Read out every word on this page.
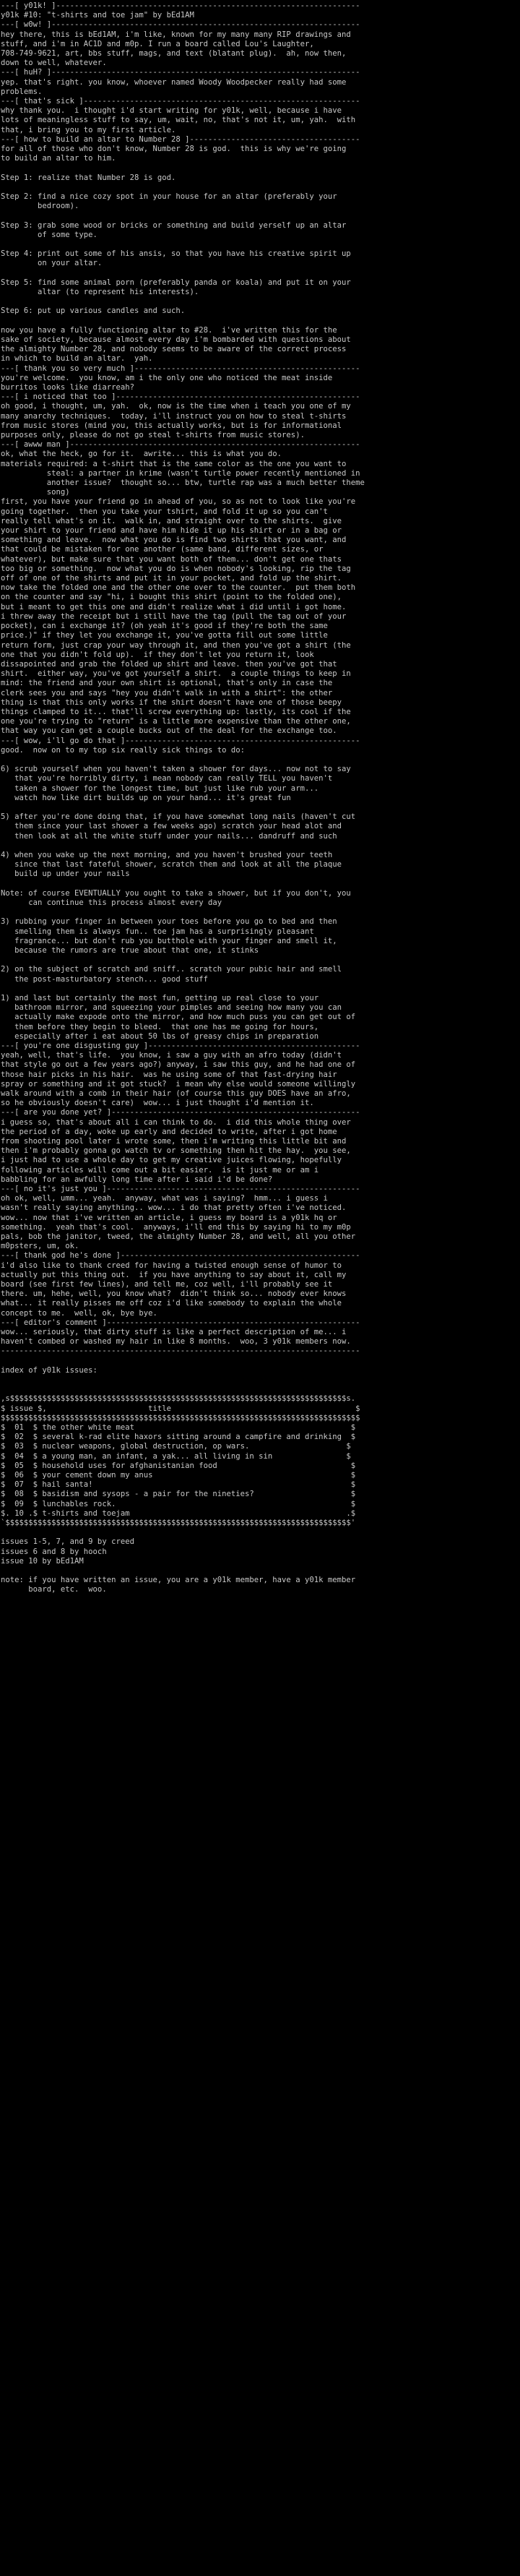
---[ y01k! ]------------------------------------------------------------------
y01k #10: "t-shirts and toe jam" by bEd1AM
---[ w0w! ]-------------------------------------------------------------------
hey there, this is bEd1AM, i'm like, known for my many many RIP drawings and
stuff, and i'm in AC1D and m0p. I run a board called Lou's Laughter,
708-749-9621, art, bbs stuff, mags, and text (blatant plug).  ah, now then,
down to well, whatever.
---[ huH? ]-------------------------------------------------------------------
yep. that's right. you know, whoever named Woody Woodpecker really had some
problems.
---[ that's sick ]------------------------------------------------------------
why thank you.  i thought i'd start writing for y01k, well, because i have
lots of meaningless stuff to say, um, wait, no, that's not it, um, yah.  with
that, i bring you to my first article.
---[ how to build an altar to Number 28 ]-------------------------------------
for all of those who don't know, Number 28 is god.  this is why we're going
to build an altar to him.
Step 1: realize that Number 28 is god.
Step 2: find a nice cozy spot in your house for an altar (preferably your
bedroom).
Step 3: grab some wood or bricks or something and build yerself up an altar
of some type.
Step 4: print out some of his ansis, so that you have his creative spirit up
on your altar.
Step 5: find some animal porn (preferably panda or koala) and put it on your
altar (to represent his interests).
Step 6: put up various candles and such.
now you have a fully functioning altar to #28.  i've written this for the
sake of society, because almost every day i'm bombarded with questions about
the almighty Number 28, and nobody seems to be aware of the correct process
in which to build an altar.  yah.
---[ thank you so very much ]-------------------------------------------------
you're welcome.  you know, am i the only one who noticed the meat inside
burritos looks like diarreah?
---[ i noticed that too ]-----------------------------------------------------
oh good, i thought, um, yah.  ok, now is the time when i teach you one of my
many anarchy techniques.  today, i'll instruct you on how to steal t-shirts
from music stores (mind you, this actually works, but is for informational
purposes only, please do not go steal t-shirts from music stores).
---[ awww man ]---------------------------------------------------------------
ok, what the heck, go for it.  awrite... this is what you do.
materials required: a t-shirt that is the same color as the one you want to
steal: a partner in krime (wasn't turtle power recently mentioned in
another issue?  thought so... btw, turtle rap was a much better theme
song)
first, you have your friend go in ahead of you, so as not to look like you're
going together.  then you take your tshirt, and fold it up so you can't
really tell what's on it.  walk in, and straight over to the shirts.  give
your shirt to your friend and have him hide it up his shirt or in a bag or
something and leave.  now what you do is find two shirts that you want, and
that could be mistaken for one another (same band, different sizes, or
whatever), but make sure that you want both of them... don't get one thats
too big or something.  now what you do is when nobody's looking, rip the tag
off of one of the shirts and put it in your pocket, and fold up the shirt.
now take the folded one and the other one over to the counter.  put them both
on the counter and say "hi, i bought this shirt (point to the folded one),
but i meant to get this one and didn't realize what i did until i got home.
i threw away the receipt but i still have the tag (pull the tag out of your
pocket), can i exchange it? (oh yeah it's good if they're both the same
price.)" if they let you exchange it, you've gotta fill out some little
return form, just crap your way through it, and then you've got a shirt (the
one that you didn't fold up).  if they don't let you return it, look
dissapointed and grab the folded up shirt and leave. then you've got that
shirt.  either way, you've got yourself a shirt.  a couple things to keep in
mind: the friend and your own shirt is optional, that's only in case the
clerk sees you and says "hey you didn't walk in with a shirt": the other
thing is that this only works if the shirt doesn't have one of those beepy
things clamped to it... that'll screw everything up: lastly, its cool if the
one you're trying to "return" is a little more expensive than the other one,
that way you can get a couple bucks out of the deal for the exchange too.
---[ wow, i'll go do that ]---------------------------------------------------
good.  now on to my top six really sick things to do:
6) scrub yourself when you haven't taken a shower for days... now not to say
that you're horribly dirty, i mean nobody can really TELL you haven't
taken a shower for the longest time, but just like rub your arm...
watch how like dirt builds up on your hand... it's great fun
5) after you're done doing that, if you have somewhat long nails (haven't cut
them since your last shower a few weeks ago) scratch your head alot and
then look at all the white stuff under your nails... dandruff and such
4) when you wake up the next morning, and you haven't brushed your teeth
since that last fateful shower, scratch them and look at all the plaque
build up under your nails
Note: of course EVENTUALLY you ought to take a shower, but if you don't, you
can continue this process almost every day
3) rubbing your finger in between your toes before you go to bed and then
smelling them is always fun.. toe jam has a surprisingly pleasant
fragrance... but don't rub you butthole with your finger and smell it,
because the rumors are true about that one, it stinks
2) on the subject of scratch and sniff.. scratch your pubic hair and smell
the post-masturbatory stench... good stuff
1) and last but certainly the most fun, getting up real close to your
bathroom mirror, and squeezing your pimples and seeing how many you can
actually make expode onto the mirror, and how much puss you can get out of
them before they begin to bleed.  that one has me going for hours,
especially after i eat about 50 lbs of greasy chips in preparation
---[ you're one disgusting guy ]----------------------------------------------
yeah, well, that's life.  you know, i saw a guy with an afro today (didn't
that style go out a few years ago?) anyway, i saw this guy, and he had one of
those hair picks in his hair.  was he using some of that fast-drying hair
spray or something and it got stuck?  i mean why else would someone willingly
walk around with a comb in their hair (of course this guy DOES have an afro,
so he obviously doesn't care)  wow... i just thought i'd mention it.
---[ are you done yet? ]------------------------------------------------------
i guess so, that's about all i can think to do.  i did this whole thing over
the period of a day, woke up early and decided to write, after i got home
from shooting pool later i wrote some, then i'm writing this little bit and
then i'm probably gonna go watch tv or something then hit the hay.  you see,
i just had to use a whole day to get my creative juices flowing, hopefully
following articles will come out a bit easier.  is it just me or am i
babbling for an awfully long time after i said i'd be done?
---[ no it's just you ]-------------------------------------------------------
oh ok, well, umm... yeah.  anyway, what was i saying?  hmm... i guess i
wasn't really saying anything.. wow... i do that pretty often i've noticed.
wow... now that i've written an article, i guess my board is a y01k hq or
something.  yeah that's cool.  anyways, i'll end this by saying hi to my m0p
pals, bob the janitor, tweed, the almighty Number 28, and well, all you other
m0psters, um, ok.
---[ thank god he's done ]----------------------------------------------------
i'd also like to thank creed for having a twisted enough sense of humor to
actually put this thing out.  if you have anything to say about it, call my
board (see first few lines), and tell me, coz well, i'll probably see it
there. um, hehe, well, you know what?  didn't think so... nobody ever knows
what... it really pisses me off coz i'd like somebody to explain the whole
concept to me.  well, ok, bye bye.
---[ editor's comment ]-------------------------------------------------------
wow... seriously, that dirty stuff is like a perfect description of me... i
haven't combed or washed my hair in like 8 months.  woo, 3 y01k members now.
------------------------------------------------------------------------------
index of y01k issues:
,s$$$$$$$$$$$$$$$$$$$$$$$$$$$$$$$$$$$$$$$$$$$$$$$$$$$$$$$$$$$$$$$$$$$$$$$$$s.
$ issue $,                      title                                        $
$$$$$$$$$$$$$$$$$$$$$$$$$$$$$$$$$$$$$$$$$$$$$$$$$$$$$$$$$$$$$$$$$$$$$$$$$$$$$$
$  01  $ the other white meat                                               $
$  02  $ several k-rad elite haxors sitting around a campfire and drinking  $
$  03  $ nuclear weapons, global destruction, op wars.                     $
$  04  $ a young man, an infant, a yak... all living in sin                $
$  05  $ household uses for afghanistanian food                             $
$  06  $ your cement down my anus                                           $
$  07  $ hail santa!                                                        $
$  08  $ basidism and sysops - a pair for the nineties?                     $
$  09  $ lunchables rock.                                                   $
$. 10 .$ t-shirts and toejam                                               .$
`$$$$$$$$$$$$$$$$$$$$$$$$$$$$$$$$$$$$$$$$$$$$$$$$$$$$$$$$$$$$$$$$$$$$$$$$$$$'
issues 1-5, 7, and 9 by creed
issues 6 and 8 by hooch
issue 10 by bEd1AM
note: if you have written an issue, you are a y01k member, have a y01k member
board, etc.  woo.
